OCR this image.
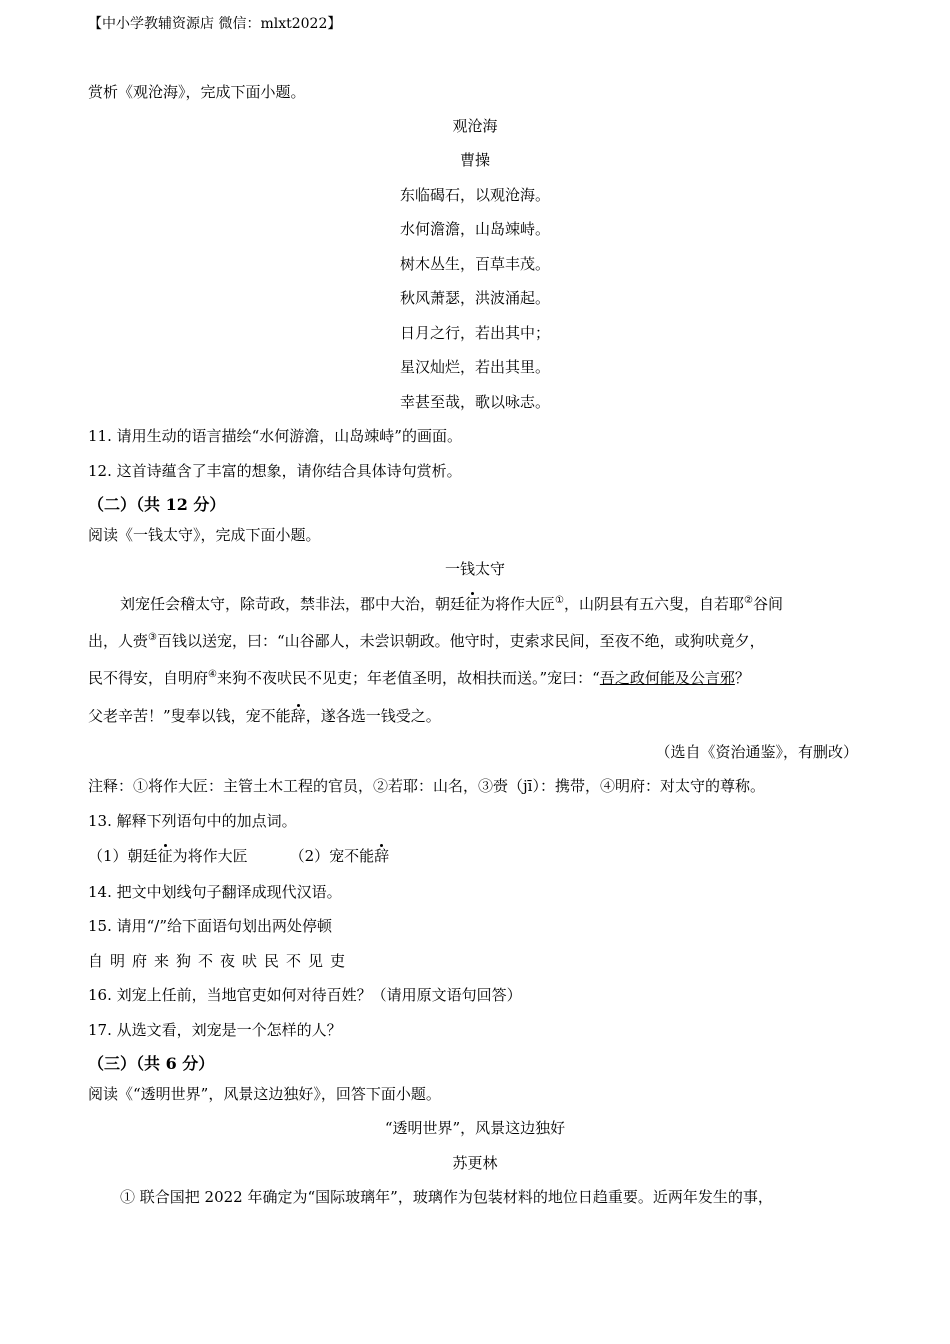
【中小学教辅资源店 微信：mlxt2022】
赏析《观沧海》，完成下面小题。
观沧海
曹操
东临碣石，以观沧海。
水何澹澹，山岛竦峙。
树木丛生，百草丰茂。
秋风萧瑟，洪波涌起。
日月之行，若出其中；
星汉灿烂，若出其里。
幸甚至哉，歌以咏志。
11. 请用生动的语言描绘“水何游澹，山岛竦峙”的画面。
12. 这首诗蕴含了丰富的想象，请你结合具体诗句赏析。
（二）（共 12 分）
阅读《一钱太守》，完成下面小题。
一钱太守
刘宠任会稽太守，除苛政，禁非法，郡中大治，朝廷征为将作大匠①，山阴县有五六叟，自若耶②谷间
出，人赍③百钱以送宠，曰：“山谷鄙人，未尝识朝政。他守时，吏索求民间，至夜不绝，或狗吠竟夕，
民不得安，自明府④来狗不夜吠民不见吏；年老值圣明，故相扶而送。”宠曰：“吾之政何能及公言邪？
父老辛苦！”叟奉以钱，宠不能辞，遂各选一钱受之。
（选自《资治通鉴》，有删改）
注释：①将作大匠：主管土木工程的官员，②若耶：山名，③赍（jī）：携带，④明府：对太守的尊称。
13. 解释下列语句中的加点词。
（1）朝廷征为将作大匠	（2）宠不能辞
14. 把文中划线句子翻译成现代汉语。
15. 请用“/”给下面语句划出两处停顿
自明府来狗不夜吠民不见吏
16. 刘宠上任前，当地官吏如何对待百姓？（请用原文语句回答）
17. 从选文看，刘宠是一个怎样的人？
（三）（共 6 分）
阅读《“透明世界”，风景这边独好》，回答下面小题。
“透明世界”，风景这边独好
苏更林
① 联合国把 2022 年确定为“国际玻璃年”，玻璃作为包装材料的地位日趋重要。近两年发生的事，
